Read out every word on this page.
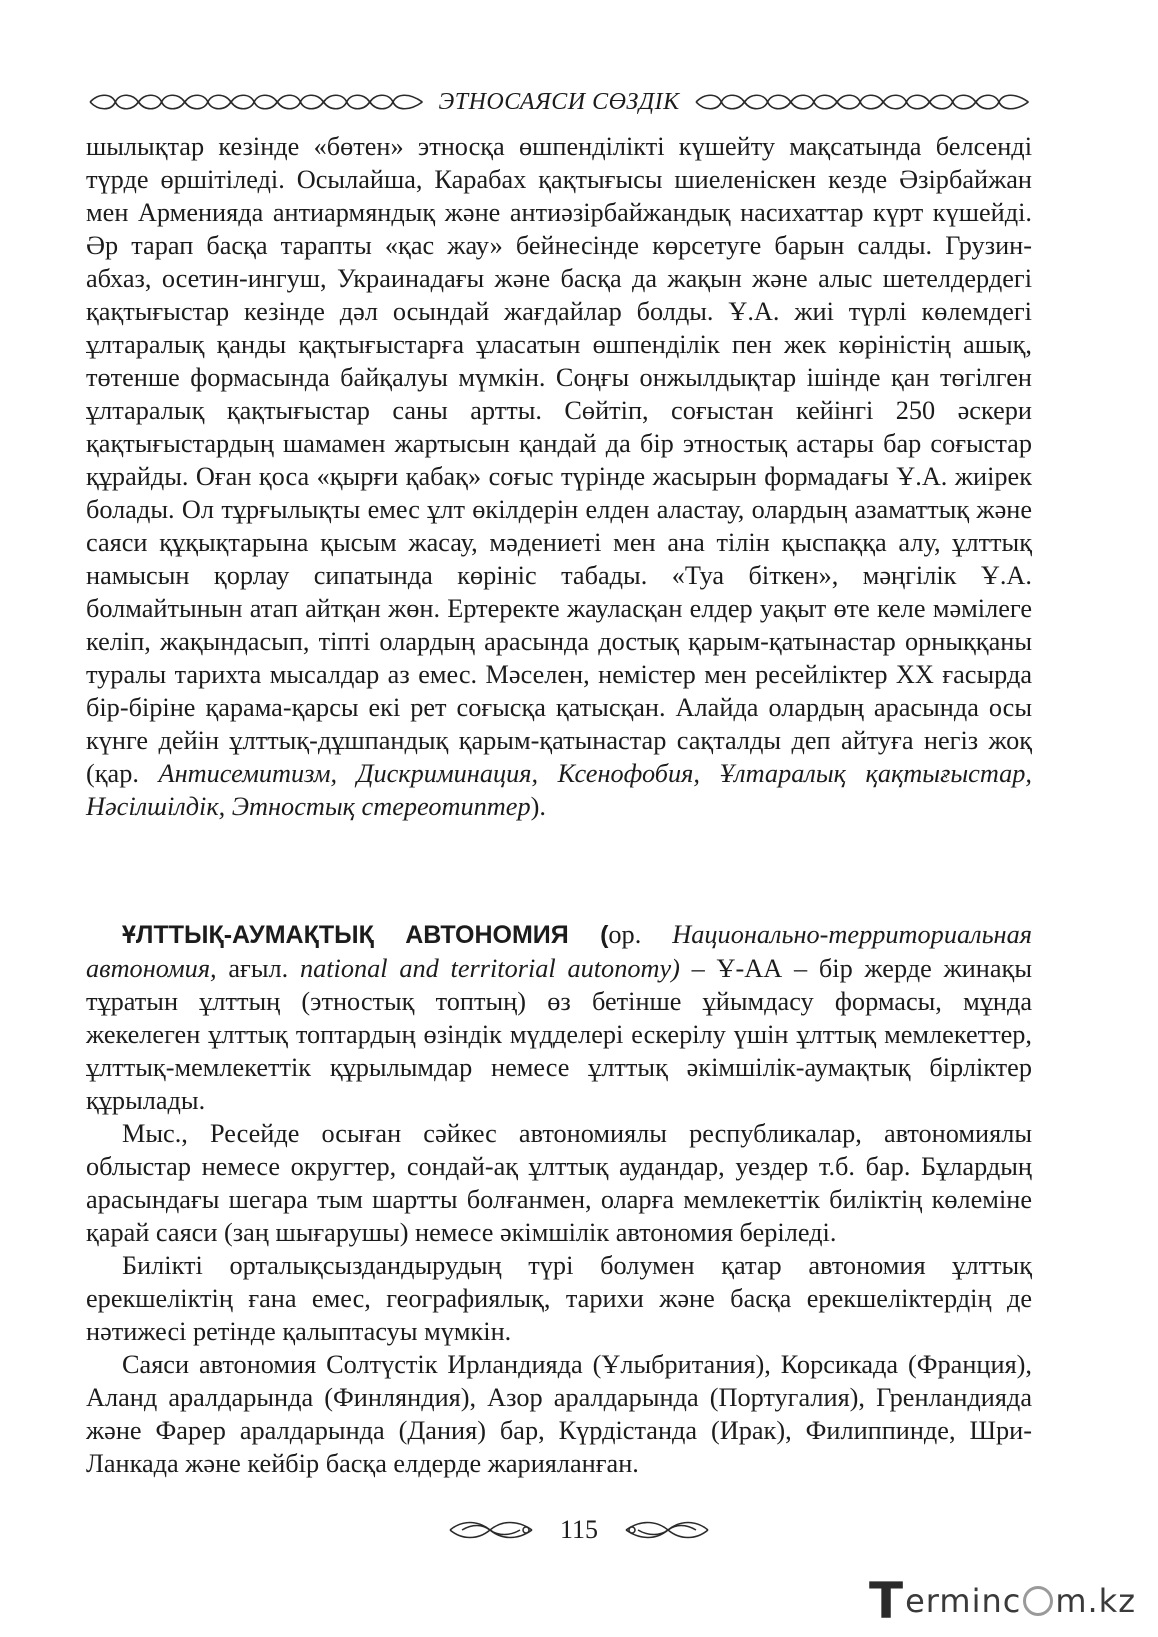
ЭТНОСАЯСИ СӨЗДІК

шылықтар кезінде «бөтен» этносқа өшпенділікті күшейту мақсатында белсенді түрде өршітіледі. Осылайша, Карабах қақтығысы шиеленіскен кезде Әзірбайжан мен Арменияда антиармяндық және антиәзірбайжандық насихаттар күрт күшейді. Әр тарап басқа тарапты «қас жау» бейнесінде көрсетуге барын салды. Грузин-абхаз, осетин-ингуш, Украинадағы және басқа да жақын және алыс шетелдердегі қақтығыстар кезінде дәл осындай жағдайлар болды. Ұ.А. жиі түрлі көлемдегі ұлтаралық қанды қақтығыстарға ұласатын өшпенділік пен жек көріністің ашық, төтенше формасында байқалуы мүмкін. Соңғы онжылдықтар ішінде қан төгілген ұлтаралық қақтығыстар саны артты. Сөйтіп, соғыстан кейінгі 250 әскери қақтығыстардың шамамен жартысын қандай да бір этностық астары бар соғыстар құрайды. Оған қоса «қырғи қабақ» соғыс түрінде жасырын формадағы Ұ.А. жиірек болады. Ол тұрғылықты емес ұлт өкілдерін елден аластау, олардың азаматтық және саяси құқықтарына қысым жасау, мәдениеті мен ана тілін қыспаққа алу, ұлттық намысын қорлау сипатында көрініс табады. «Туа біткен», мәңгілік Ұ.А. болмайтынын атап айтқан жөн. Ертеректе жауласқан елдер уақыт өте келе мәмілеге келіп, жақындасып, тіпті олардың арасында достық қарым-қатынастар орныққаны туралы тарихта мысалдар аз емес. Мәселен, немістер мен ресейліктер ХХ ғасырда бір-біріне қарама-қарсы екі рет соғысқа қатысқан. Алайда олардың арасында осы күнге дейін ұлттық-дұшпандық қарым-қатынастар сақталды деп айтуға негіз жоқ (қар. Антисемитизм, Дискриминация, Ксенофобия, Ұлтаралық қақтығыстар, Нәсілшілдік, Этностық стереотиптер).

ҰЛТТЫҚ-АУМАҚТЫҚ АВТОНОМИЯ (ор. Национально-территориальная автономия, ағыл. national and territorial autonomy) – Ұ-АА – бір жерде жинақы тұратын ұлттың (этностық топтың) өз бетінше ұйымдасу формасы, мұнда жекелеген ұлттық топтардың өзіндік мүдделері ескерілу үшін ұлттық мемлекеттер, ұлттық-мемлекеттік құрылымдар немесе ұлттық әкімшілік-аумақтық бірліктер құрылады.

Мыс., Ресейде осыған сәйкес автономиялы республикалар, автономиялы облыстар немесе округтер, сондай-ақ ұлттық аудандар, уездер т.б. бар. Бұлардың арасындағы шегара тым шартты болғанмен, оларға мемлекеттік биліктің көлеміне қарай саяси (заң шығарушы) немесе әкімшілік автономия беріледі.

Билікті орталықсыздандырудың түрі болумен қатар автономия ұлттық ерекшеліктің ғана емес, географиялық, тарихи және басқа ерекшеліктердің де нәтижесі ретінде қалыптасуы мүмкін.

Саяси автономия Солтүстік Ирландияда (Ұлыбритания), Корсикада (Франция), Аланд аралдарында (Финляндия), Азор аралдарында (Португалия), Гренландияда және Фарер аралдарында (Дания) бар, Күрдістанда (Ирак), Филиппинде, Шри-Ланкада және кейбір басқа елдерде жарияланған.

115
T erminc m.kz
